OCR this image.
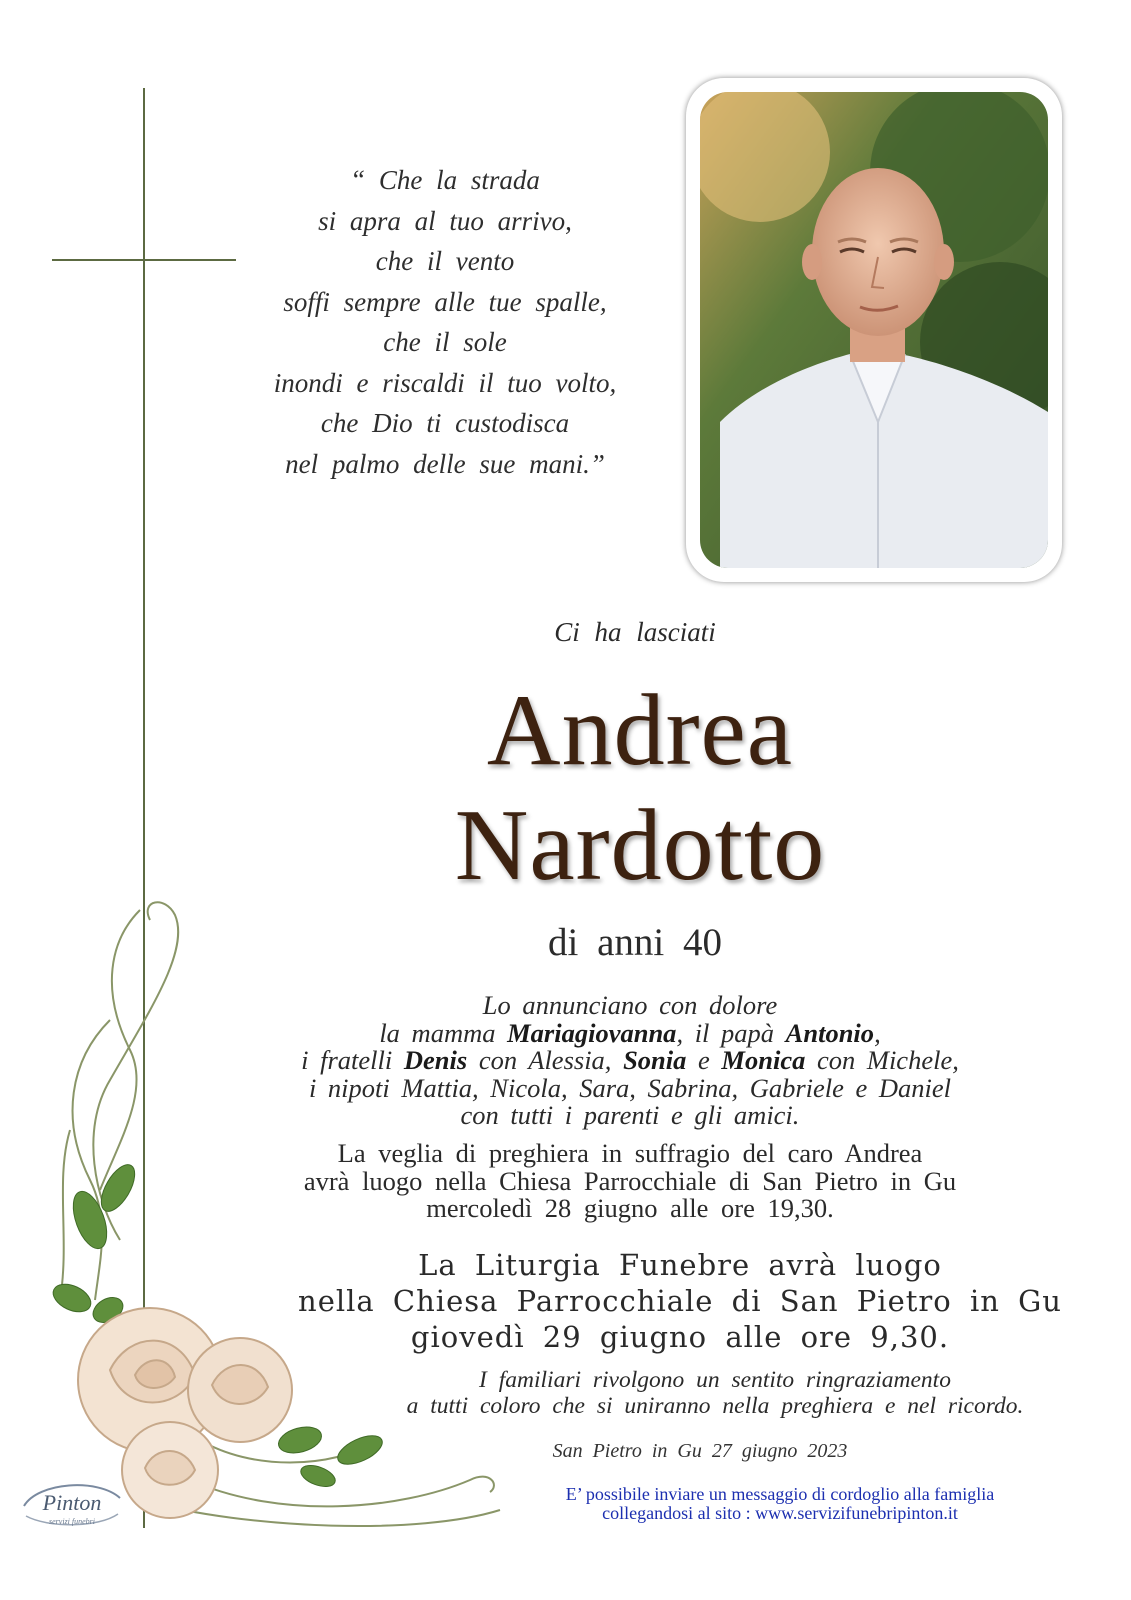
“ Che la strada
si apra al tuo arrivo,
che il vento
soffi sempre alle tue spalle,
che il sole
inondi e riscaldi il tuo volto,
che Dio ti custodisca
nel palmo delle sue mani.”
Ci ha lasciati
Andrea
Nardotto
di anni 40
Lo annunciano con dolore
la mamma Mariagiovanna, il papà Antonio,
i fratelli Denis con Alessia, Sonia e Monica con Michele,
i nipoti Mattia, Nicola, Sara, Sabrina, Gabriele e Daniel
con tutti i parenti e gli amici.
La veglia di preghiera in suffragio del caro Andrea
avrà luogo nella Chiesa Parrocchiale di San Pietro in Gu
mercoledì 28 giugno alle ore 19,30.
La Liturgia Funebre avrà luogo
nella Chiesa Parrocchiale di San Pietro in Gu
giovedì 29 giugno alle ore 9,30.
I familiari rivolgono un sentito ringraziamento
a tutti coloro che si uniranno nella preghiera e nel ricordo.
San Pietro in Gu 27 giugno 2023
E’ possibile inviare un messaggio di cordoglio alla famiglia
collegandosi al sito : www.servizifunebripinton.it
Pinton
servizi funebri
